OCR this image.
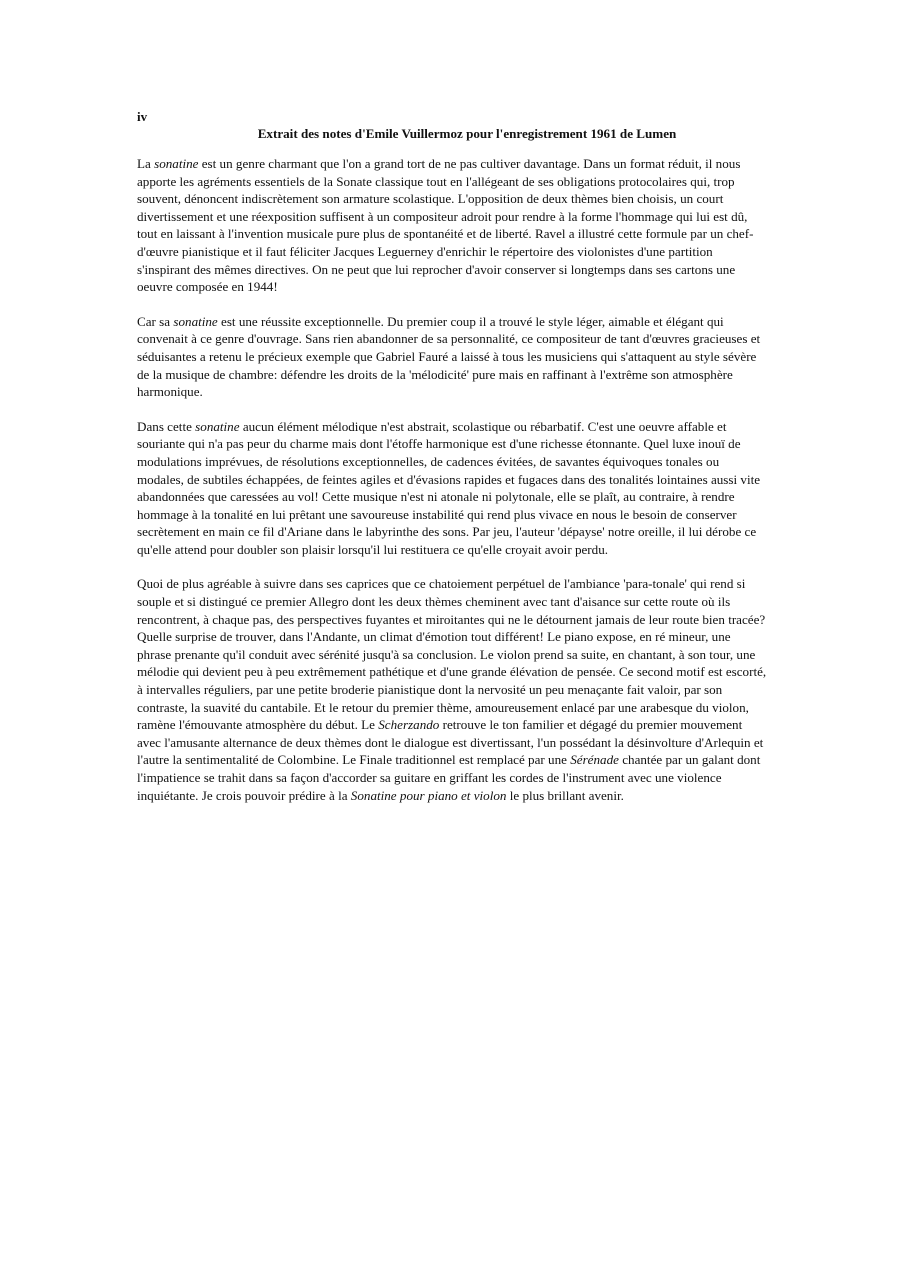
iv

Extrait des notes d'Emile Vuillermoz pour l'enregistrement 1961 de Lumen

La sonatine est un genre charmant que l'on a grand tort de ne pas cultiver davantage. Dans un format réduit, il nous apporte les agréments essentiels de la Sonate classique tout en l'allégeant de ses obligations protocolaires qui, trop souvent, dénoncent indiscrètement son armature scolastique. L'opposition de deux thèmes bien choisis, un court divertissement et une réexposition suffisent à un compositeur adroit pour rendre à la forme l'hommage qui lui est dû, tout en laissant à l'invention musicale pure plus de spontanéité et de liberté. Ravel a illustré cette formule par un chef-d'œuvre pianistique et il faut féliciter Jacques Leguerney d'enrichir le répertoire des violonistes d'une partition s'inspirant des mêmes directives. On ne peut que lui reprocher d'avoir conserver si longtemps dans ses cartons une oeuvre composée en 1944!

Car sa sonatine est une réussite exceptionnelle. Du premier coup il a trouvé le style léger, aimable et élégant qui convenait à ce genre d'ouvrage. Sans rien abandonner de sa personnalité, ce compositeur de tant d'œuvres gracieuses et séduisantes a retenu le précieux exemple que Gabriel Fauré a laissé à tous les musiciens qui s'attaquent au style sévère de la musique de chambre: défendre les droits de la 'mélodicité' pure mais en raffinant à l'extrême son atmosphère harmonique.

Dans cette sonatine aucun élément mélodique n'est abstrait, scolastique ou rébarbatif. C'est une oeuvre affable et souriante qui n'a pas peur du charme mais dont l'étoffe harmonique est d'une richesse étonnante. Quel luxe inouï de modulations imprévues, de résolutions exceptionnelles, de cadences évitées, de savantes équivoques tonales ou modales, de subtiles échappées, de feintes agiles et d'évasions rapides et fugaces dans des tonalités lointaines aussi vite abandonnées que caressées au vol! Cette musique n'est ni atonale ni polytonale, elle se plaît, au contraire, à rendre hommage à la tonalité en lui prêtant une savoureuse instabilité qui rend plus vivace en nous le besoin de conserver secrètement en main ce fil d'Ariane dans le labyrinthe des sons. Par jeu, l'auteur 'dépayse' notre oreille, il lui dérobe ce qu'elle attend pour doubler son plaisir lorsqu'il lui restituera ce qu'elle croyait avoir perdu.

Quoi de plus agréable à suivre dans ses caprices que ce chatoiement perpétuel de l'ambiance 'para-tonale' qui rend si souple et si distingué ce premier Allegro dont les deux thèmes cheminent avec tant d'aisance sur cette route où ils rencontrent, à chaque pas, des perspectives fuyantes et miroitantes qui ne le détournent jamais de leur route bien tracée? Quelle surprise de trouver, dans l'Andante, un climat d'émotion tout différent! Le piano expose, en ré mineur, une phrase prenante qu'il conduit avec sérénité jusqu'à sa conclusion. Le violon prend sa suite, en chantant, à son tour, une mélodie qui devient peu à peu extrêmement pathétique et d'une grande élévation de pensée. Ce second motif est escorté, à intervalles réguliers, par une petite broderie pianistique dont la nervosité un peu menaçante fait valoir, par son contraste, la suavité du cantabile. Et le retour du premier thème, amoureusement enlacé par une arabesque du violon, ramène l'émouvante atmosphère du début. Le Scherzando retrouve le ton familier et dégagé du premier mouvement avec l'amusante alternance de deux thèmes dont le dialogue est divertissant, l'un possédant la désinvolture d'Arlequin et l'autre la sentimentalité de Colombine. Le Finale traditionnel est remplacé par une Sérénade chantée par un galant dont l'impatience se trahit dans sa façon d'accorder sa guitare en griffant les cordes de l'instrument avec une violence inquiétante. Je crois pouvoir prédire à la Sonatine pour piano et violon le plus brillant avenir.
